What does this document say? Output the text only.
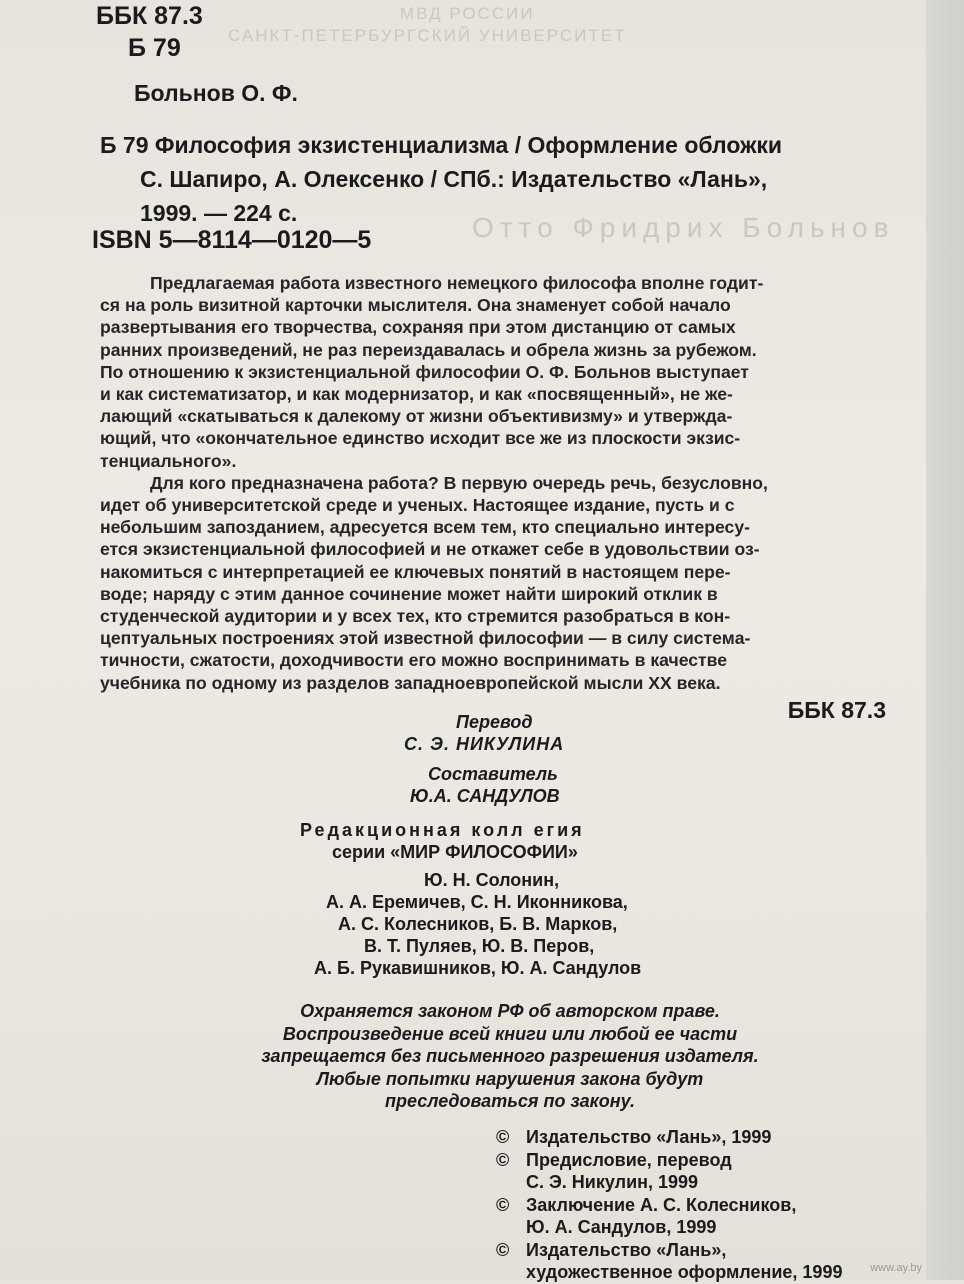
МВД РОССИИ
САНКТ-ПЕТЕРБУРГСКИЙ УНИВЕРСИТЕТ
Отто Фридрих Больнов
ББК 87.3
Б 79
Больнов О. Ф.

Б 79 Философия экзистенциализма / Оформление обложки

С. Шапиро, А. Олексенко / СПб.: Издательство «Лань»,

1999. — 224 с.

ISBN 5—8114—0120—5

Предлагаемая работа известного немецкого философа вполне годит-

ся на роль визитной карточки мыслителя. Она знаменует собой начало

развертывания его творчества, сохраняя при этом дистанцию от самых

ранних произведений, не раз переиздавалась и обрела жизнь за рубежом.

По отношению к экзистенциальной философии О. Ф. Больнов выступает

и как систематизатор, и как модернизатор, и как «посвященный», не же-

лающий «скатываться к далекому от жизни объективизму» и утвержда-

ющий, что «окончательное единство исходит все же из плоскости экзис-

тенциального».

Для кого предназначена работа? В первую очередь речь, безусловно,

идет об университетской среде и ученых. Настоящее издание, пусть и с

небольшим запозданием, адресуется всем тем, кто специально интересу-

ется экзистенциальной философией и не откажет себе в удовольствии оз-

накомиться с интерпретацией ее ключевых понятий в настоящем пере-

воде; наряду с этим данное сочинение может найти широкий отклик в

студенческой аудитории и у всех тех, кто стремится разобраться в кон-

цептуальных построениях этой известной философии — в силу системa-

тичности, сжатости, доходчивости его можно воспринимать в качестве

учебника по одному из разделов западноевропейской мысли XX века.

ББК 87.3
Перевод
С. Э. НИКУЛИНА
Составитель
Ю.А. САНДУЛОВ
Редакционная колл егия
серии «МИР ФИЛОСОФИИ»
Ю. Н. Солонин,
А. А. Еремичев, С. Н. Иконникова,
А. С. Колесников, Б. В. Марков,
В. Т. Пуляев, Ю. В. Перов,
А. Б. Рукавишников, Ю. А. Сандулов
Охраняется законом РФ об авторском праве.
Воспроизведение всей книги или любой ее части
запрещается без письменного разрешения издателя.
Любые попытки нарушения закона будут
преследоваться по закону.
© Издательство «Лань», 1999
© Предисловие, перевод
С. Э. Никулин, 1999
© Заключение А. С. Колесников,
Ю. А. Сандулов, 1999
© Издательство «Лань»,
художественное оформление, 1999	www.ay.by
